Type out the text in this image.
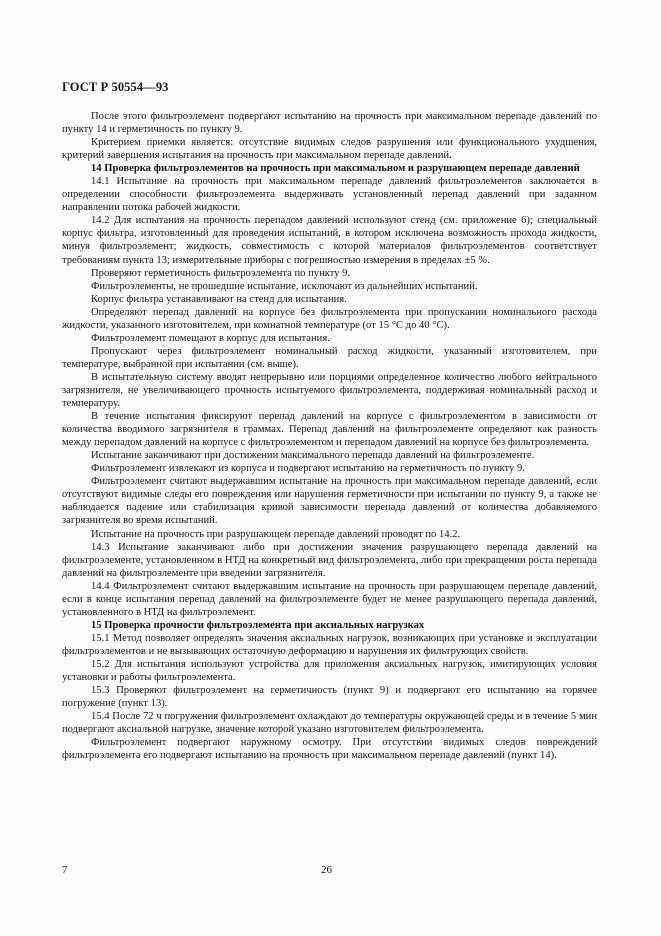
ГОСТ Р 50554—93

После этого фильтроэлемент подвергают испытанию на прочность при максимальном перепаде давлений по пункту 14 и герметичность по пункту 9.

Критерием приемки является: отсутствие видимых следов разрушения или функционального ухудшения, критерий завершения испытания на прочность при максимальном перепаде давлений.

14 Проверка фильтроэлементов на прочность при максимальном и разрушающем перепаде давлений

14.1 Испытание на прочность при максимальном перепаде давлений фильтроэлементов заключается в определении способности фильтроэлемента выдерживать установленный перепад давлений при заданном направлении потока рабочей жидкости.

14.2 Для испытания на прочность перепадом давлений используют стенд (см. приложение 6); специальный корпус фильтра, изготовленный для проведения испытаний, в котором исключена возможность прохода жидкости, минуя фильтроэлемент; жидкость, совместимость с которой материалов фильтроэлементов соответствует требованиям пункта 13; измерительные приборы с погрешностью измерения в пределах ±5 %.

Проверяют герметичность фильтроэлемента по пункту 9.

Фильтроэлементы, не прошедшие испытание, исключают из дальнейших испытаний.

Корпус фильтра устанавливают на стенд для испытания.

Определяют перепад давлений на корпусе без фильтроэлемента при пропускании номинального расхода жидкости, указанного изготовителем, при комнатной температуре (от 15 °С до 40 °С).

Фильтроэлемент помещают в корпус для испытания.

Пропускают через фильтроэлемент номинальный расход жидкости, указанный изготовителем, при температуре, выбранной при испытании (см. выше).

В испытательную систему вводят непрерывно или порциями определенное количество любого нейтрального загрязнителя, не увеличивающего прочность испытуемого фильтроэлемента, поддерживая номинальный расход и температуру.

В течение испытания фиксируют перепад давлений на корпусе с фильтроэлементом в зависимости от количества вводимого загрязнителя в граммах. Перепад давлений на фильтроэлементе определяют как разность между перепадом давлений на корпусе с фильтроэлементом и перепадом давлений на корпусе без фильтроэлемента.

Испытание заканчивают при достижении максимального перепада давлений на фильтроэлементе.

Фильтроэлемент извлекают из корпуса и подвергают испытанию на герметичность по пункту 9.

Фильтроэлемент считают выдержавшим испытание на прочность при максимальном перепаде давлений, если отсутствуют видимые следы его повреждения или нарушения герметичности при испытании по пункту 9, а также не наблюдается падение или стабилизация кривой зависимости перепада давлений от количества добавляемого загрязнителя во время испытаний.

Испытание на прочность при разрушающем перепаде давлений проводят по 14.2.

14.3 Испытание заканчивают либо при достижении значения разрушающего перепада давлений на фильтроэлементе, установленном в НТД на конкретный вид фильтроэлемента, либо при прекращении роста перепада давлений на фильтроэлементе при введении загрязнителя.

14.4 Фильтроэлемент считают выдержавшим испытание на прочность при разрушающем перепаде давлений, если в конце испытания перепад давлений на фильтроэлементе будет не менее разрушающего перепада давлений, установленного в НТД на фильтроэлемент.

15 Проверка прочности фильтроэлемента при аксиальных нагрузках

15.1 Метод позволяет определять значения аксиальных нагрузок, возникающих при установке и эксплуатации фильтроэлементов и не вызывающих остаточную деформацию и нарушения их фильтрующих свойств.

15.2 Для испытания используют устройства для приложения аксиальных нагрузок, имитирующих условия установки и работы фильтроэлемента.

15.3 Проверяют фильтроэлемент на герметичность (пункт 9) и подвергают его испытанию на горячее погружение (пункт 13).

15.4 После 72 ч погружения фильтроэлемент охлаждают до температуры окружающей среды и в течение 5 мин подвергают аксиальной нагрузке, значение которой указано изготовителем фильтроэлемента.

Фильтроэлемент подвергают наружному осмотру. При отсутствии видимых следов повреждений фильтроэлемента его подвергают испытанию на прочность при максимальном перепаде давлений (пункт 14).

7	26
